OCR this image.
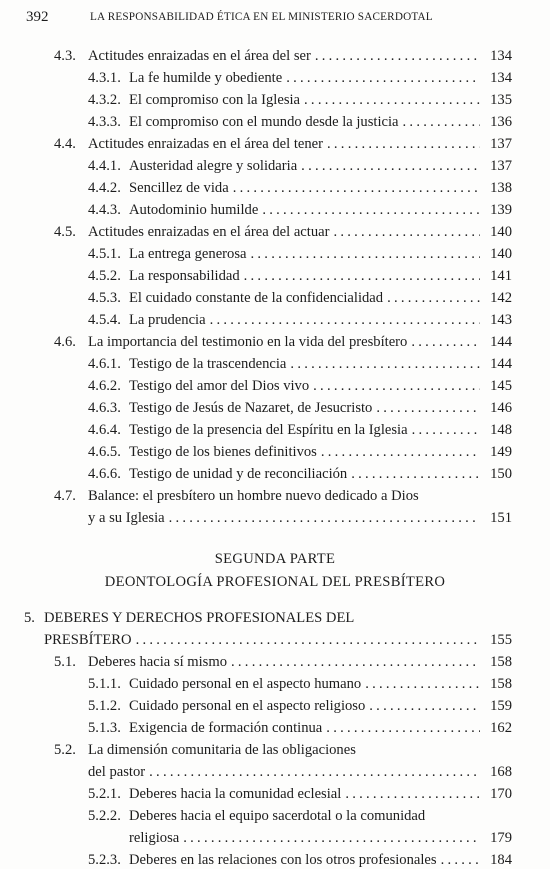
392	LA RESPONSABILIDAD ÉTICA EN EL MINISTERIO SACERDOTAL
4.3. Actitudes enraizadas en el área del ser . . .	134
4.3.1. La fe humilde y obediente . . .	134
4.3.2. El compromiso con la Iglesia . . .	135
4.3.3. El compromiso con el mundo desde la justicia . . .	136
4.4. Actitudes enraizadas en el área del tener . . .	137
4.4.1. Austeridad alegre y solidaria . . .	137
4.4.2. Sencillez de vida . . .	138
4.4.3. Autodominio humilde . . .	139
4.5. Actitudes enraizadas en el área del actuar . . .	140
4.5.1. La entrega generosa . . .	140
4.5.2. La responsabilidad . . .	141
4.5.3. El cuidado constante de la confidencialidad . . .	142
4.5.4. La prudencia . . .	143
4.6. La importancia del testimonio en la vida del presbítero . . .	144
4.6.1. Testigo de la trascendencia . . .	144
4.6.2. Testigo del amor del Dios vivo . . .	145
4.6.3. Testigo de Jesús de Nazaret, de Jesucristo . . .	146
4.6.4. Testigo de la presencia del Espíritu en la Iglesia . . .	148
4.6.5. Testigo de los bienes definitivos . . .	149
4.6.6. Testigo de unidad y de reconciliación . . .	150
4.7. Balance: el presbítero un hombre nuevo dedicado a Dios
y a su Iglesia . . .	151
SEGUNDA PARTE
DEONTOLOGÍA PROFESIONAL DEL PRESBÍTERO
5. DEBERES Y DERECHOS PROFESIONALES DEL
PRESBÍTERO . . .	155
5.1. Deberes hacia sí mismo . . .	158
5.1.1. Cuidado personal en el aspecto humano . . .	158
5.1.2. Cuidado personal en el aspecto religioso . . .	159
5.1.3. Exigencia de formación continua . . .	162
5.2. La dimensión comunitaria de las obligaciones
del pastor . . .	168
5.2.1. Deberes hacia la comunidad eclesial . . .	170
5.2.2. Deberes hacia el equipo sacerdotal o la comunidad
religiosa . . .	179
5.2.3. Deberes en las relaciones con los otros profesionales . . .	184
